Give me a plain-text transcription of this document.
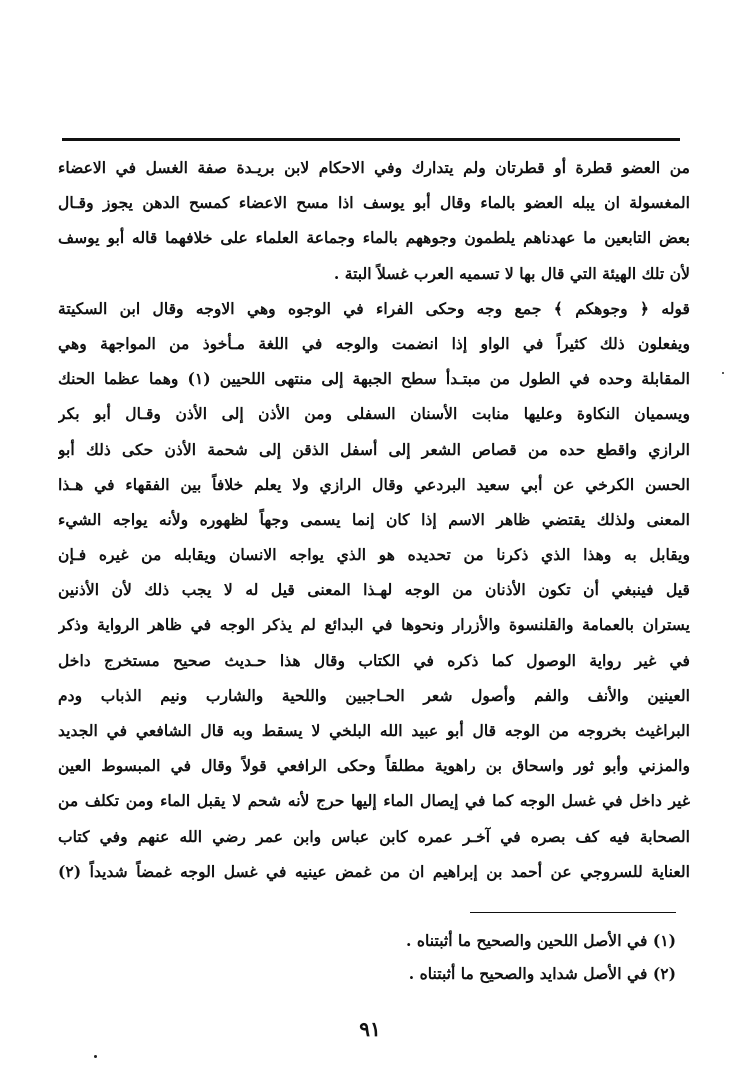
من العضو قطرة أو قطرتان ولم يتدارك وفي الاحكام لابن بريـدة صفة الغسل في الاعضاء
المغسولة ان يبله العضو بالماء وقال أبو يوسف اذا مسح الاعضاء كمسح الدهن يجوز وقـال
بعض التابعين ما عهدناهم يلطمون وجوههم بالماء وجماعة العلماء على خلافهما قاله أبو يوسف
لأن تلك الهيئة التي قال بها لا تسميه العرب غسلاً البتة .
قوله ﴿ وجوهكم ﴾ جمع وجه وحكى الفراء في الوجوه وهي الاوجه وقال ابن السكيتة
ويفعلون ذلك كثيراً في الواو إذا انضمت والوجه في اللغة مـأخوذ من المواجهة وهي
المقابلة وحده في الطول من مبتـدأ سطح الجبهة إلى منتهى اللحيين (١) وهما عظما الحنك
ويسميان النكاوة وعليها منابت الأسنان السفلى ومن الأذن إلى الأذن وقـال أبو بكر
الرازي واقطع حده من قصاص الشعر إلى أسفل الذقن إلى شحمة الأذن حكى ذلك أبو
الحسن الكرخي عن أبي سعيد البردعي وقال الرازي ولا يعلم خلافاً بين الفقهاء في هـذا
المعنى ولذلك يقتضي ظاهر الاسم إذا كان إنما يسمى وجهاً لظهوره ولأنه يواجه الشيء
ويقابل به وهذا الذي ذكرنا من تحديده هو الذي يواجه الانسان ويقابله من غيره فـإن
قيل فينبغي أن تكون الأذنان من الوجه لهـذا المعنى قيل له لا يجب ذلك لأن الأذنين
يستران بالعمامة والقلنسوة والأزرار ونحوها في البدائع لم يذكر الوجه في ظاهر الرواية وذكر
في غير رواية الوصول كما ذكره في الكتاب وقال هذا حـديث صحيح مستخرج داخل
العينين والأنف والفم وأصول شعر الحـاجبين واللحية والشارب ونيم الذباب ودم
البراغيث بخروجه من الوجه قال أبو عبيد الله البلخي لا يسقط وبه قال الشافعي في الجديد
والمزني وأبو ثور واسحاق بن راهوية مطلقاً وحكى الرافعي قولاً وقال في المبسوط العين
غير داخل في غسل الوجه كما في إيصال الماء إليها حرج لأنه شحم لا يقبل الماء ومن تكلف من
الصحابة فيه كف بصره في آخـر عمره كابن عباس وابن عمر رضي الله عنهم وفي كتاب
العناية للسروجي عن أحمد بن إبراهيم ان من غمض عينيه في غسل الوجه غمضاً شديداً (٢)
(١) في الأصل اللحين والصحيح ما أثبتناه .
(٢) في الأصل شدايد والصحيح ما أثبتناه .
٩١
